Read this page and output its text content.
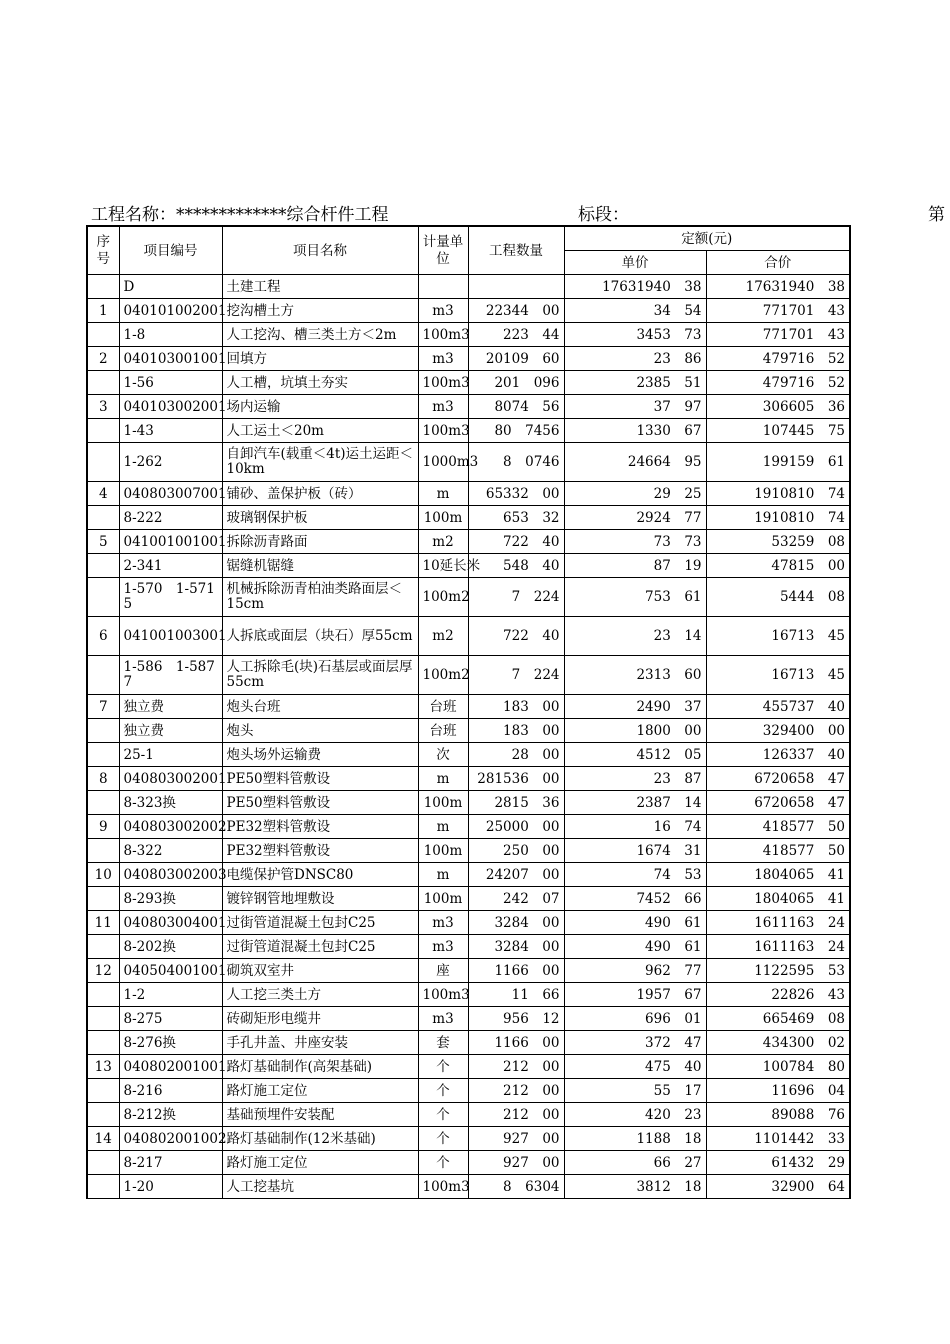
工程名称：*************综合杆件工程	标段：	第
序号	项目编号	项目名称	计量单位	工程数量	定额(元)	
					单价	合价
	D	土建工程			17631940　38	17631940　38
1	040101002001	挖沟槽土方	m3	22344　00	34　54	771701　43
	1-8	人工挖沟、槽三类土方＜2m	100m3	223　44	3453　73	771701　43
2	040103001001	回填方	m3	20109　60	23　86	479716　52
	1-56	人工槽，坑填土夯实	100m3	201　096	2385　51	479716　52
3	040103002001	场内运输	m3	8074　56	37　97	306605　36
	1-43	人工运土＜20m	100m3	80　7456	1330　67	107445　75
	1-262	自卸汽车(载重＜4t)运土运距＜10km	1000m3	8　0746	24664　95	199159　61
4	040803007001	铺砂、盖保护板（砖）	m	65332　00	29　25	1910810　74
	8-222	玻璃钢保护板	100m	653　32	2924　77	1910810　74
5	041001001001	拆除沥青路面	m2	722　40	73　73	53259　08
	2-341	锯缝机锯缝	10延长米	548　40	87　19	47815　00
	1-570　1-571　5	机械拆除沥青柏油类路面层＜15cm	100m2	7　224	753　61	5444　08
6	041001003001	人拆底或面层（块石）厚55cm	m2	722　40	23　14	16713　45
	1-586　1-587　7	人工拆除毛(块)石基层或面层厚55cm	100m2	7　224	2313　60	16713　45
7	独立费	炮头台班	台班	183　00	2490　37	455737　40
	独立费	炮头	台班	183　00	1800　00	329400　00
	25-1	炮头场外运输费	次	28　00	4512　05	126337　40
8	040803002001	PE50塑料管敷设	m	281536　00	23　87	6720658　47
	8-323换	PE50塑料管敷设	100m	2815　36	2387　14	6720658　47
9	040803002002	PE32塑料管敷设	m	25000　00	16　74	418577　50
	8-322	PE32塑料管敷设	100m	250　00	1674　31	418577　50
10	040803002003	电缆保护管DNSC80	m	24207　00	74　53	1804065　41
	8-293换	镀锌钢管地埋敷设	100m	242　07	7452　66	1804065　41
11	040803004001	过街管道混凝土包封C25	m3	3284　00	490　61	1611163　24
	8-202换	过街管道混凝土包封C25	m3	3284　00	490　61	1611163　24
12	040504001001	砌筑双室井	座	1166　00	962　77	1122595　53
	1-2	人工挖三类土方	100m3	11　66	1957　67	22826　43
	8-275	砖砌矩形电缆井	m3	956　12	696　01	665469　08
	8-276换	手孔井盖、井座安装	套	1166　00	372　47	434300　02
13	040802001001	路灯基础制作(高架基础)	个	212　00	475　40	100784　80
	8-216	路灯施工定位	个	212　00	55　17	11696　04
	8-212换	基础预埋件安装配	个	212　00	420　23	89088　76
14	040802001002	路灯基础制作(12米基础)	个	927　00	1188　18	1101442　33
	8-217	路灯施工定位	个	927　00	66　27	61432　29
	1-20	人工挖基坑	100m3	8　6304	3812　18	32900　64
